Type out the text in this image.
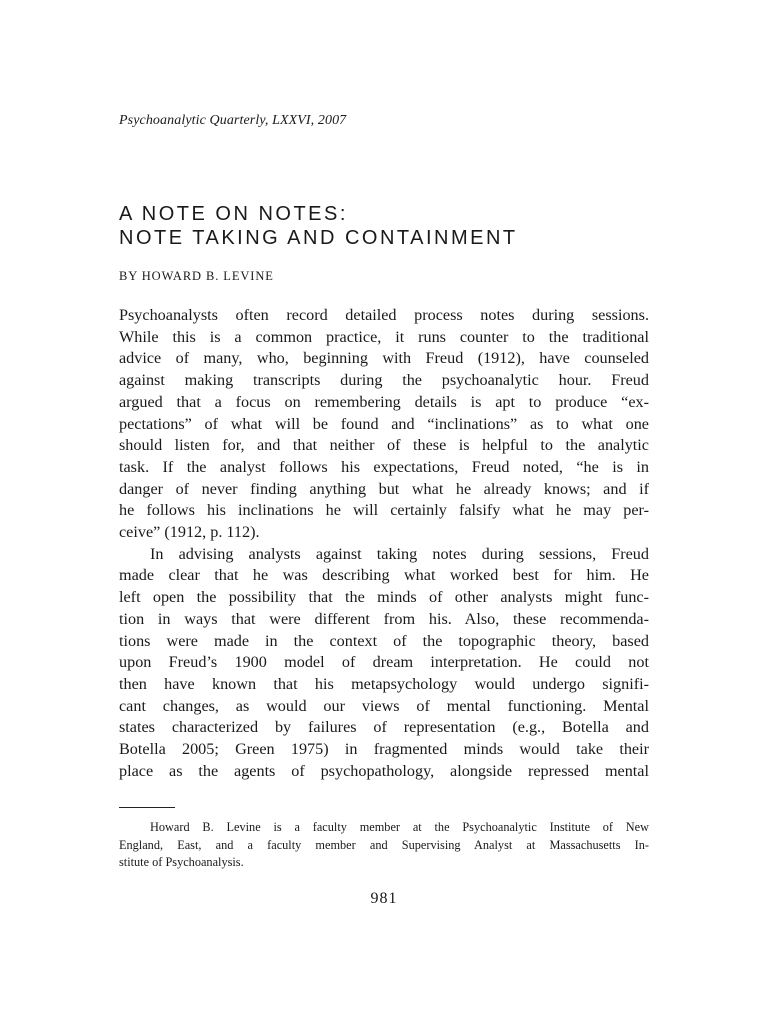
Psychoanalytic Quarterly, LXXVI, 2007
A NOTE ON NOTES:
NOTE TAKING AND CONTAINMENT
BY HOWARD B. LEVINE
Psychoanalysts often record detailed process notes during sessions.
While this is a common practice, it runs counter to the traditional
advice of many, who, beginning with Freud (1912), have counseled
against making transcripts during the psychoanalytic hour. Freud
argued that a focus on remembering details is apt to produce “ex-
pectations” of what will be found and “inclinations” as to what one
should listen for, and that neither of these is helpful to the analytic
task. If the analyst follows his expectations, Freud noted, “he is in
danger of never finding anything but what he already knows; and if
he follows his inclinations he will certainly falsify what he may per-
ceive” (1912, p. 112).
In advising analysts against taking notes during sessions, Freud
made clear that he was describing what worked best for him. He
left open the possibility that the minds of other analysts might func-
tion in ways that were different from his. Also, these recommenda-
tions were made in the context of the topographic theory, based
upon Freud’s 1900 model of dream interpretation. He could not
then have known that his metapsychology would undergo signifi-
cant changes, as would our views of mental functioning. Mental
states characterized by failures of representation (e.g., Botella and
Botella 2005; Green 1975) in fragmented minds would take their
place as the agents of psychopathology, alongside repressed mental
Howard B. Levine is a faculty member at the Psychoanalytic Institute of New
England, East, and a faculty member and Supervising Analyst at Massachusetts In-
stitute of Psychoanalysis.
981
